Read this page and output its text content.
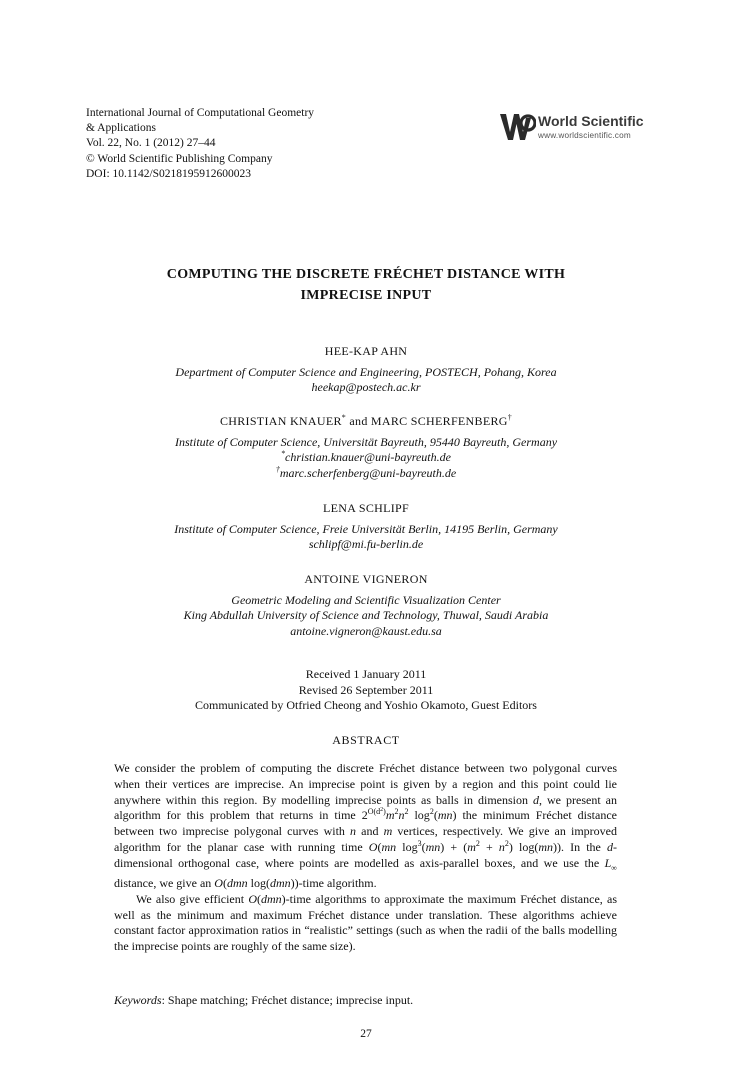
International Journal of Computational Geometry
& Applications
Vol. 22, No. 1 (2012) 27–44
© World Scientific Publishing Company
DOI: 10.1142/S0218195912600023
World Scientific
www.worldscientific.com
COMPUTING THE DISCRETE FRÉCHET DISTANCE WITH
IMPRECISE INPUT
HEE-KAP AHN
Department of Computer Science and Engineering, POSTECH, Pohang, Korea
heekap@postech.ac.kr
CHRISTIAN KNAUER* and MARC SCHERFENBERG†
Institute of Computer Science, Universität Bayreuth, 95440 Bayreuth, Germany
*christian.knauer@uni-bayreuth.de
†marc.scherfenberg@uni-bayreuth.de
LENA SCHLIPF
Institute of Computer Science, Freie Universität Berlin, 14195 Berlin, Germany
schlipf@mi.fu-berlin.de
ANTOINE VIGNERON
Geometric Modeling and Scientific Visualization Center
King Abdullah University of Science and Technology, Thuwal, Saudi Arabia
antoine.vigneron@kaust.edu.sa
Received 1 January 2011
Revised 26 September 2011
Communicated by Otfried Cheong and Yoshio Okamoto, Guest Editors
ABSTRACT

We consider the problem of computing the discrete Fréchet distance between two polygonal curves when their vertices are imprecise. An imprecise point is given by a region and this point could lie anywhere within this region. By modelling imprecise points as balls in dimension d, we present an algorithm for this problem that returns in time $2^{O(d^2)}m^2n^2$ $\log^2(mn)$ the minimum Fréchet distance between two imprecise polygonal curves with n and m vertices, respectively. We give an improved algorithm for the planar case with running time O(mn $\log^3(mn) + (m^2 + n^2)$ log(mn)). In the d-dimensional orthogonal case, where points are modelled as axis-parallel boxes, and we use the $L_\infty$ distance, we give an O(dmn log(dmn))-time algorithm.

We also give efficient O(dmn)-time algorithms to approximate the maximum Fréchet distance, as well as the minimum and maximum Fréchet distance under translation. These algorithms achieve constant factor approximation ratios in “realistic” settings (such as when the radii of the balls modelling the imprecise points are roughly of the same size).

Keywords: Shape matching; Fréchet distance; imprecise input.
27
